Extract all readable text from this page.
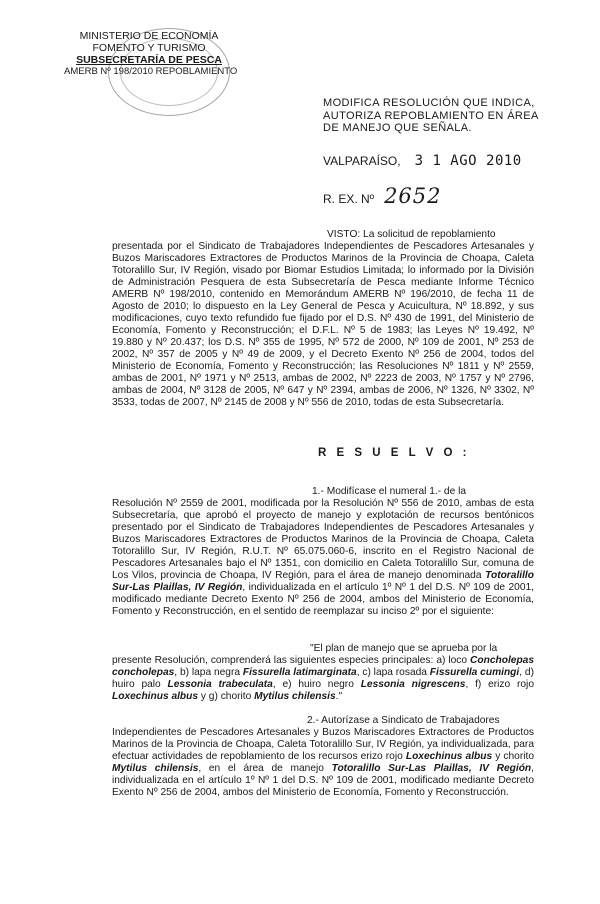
MINISTERIO DE ECONOMÍA
FOMENTO Y TURISMO
SUBSECRETARÍA DE PESCA
AMERB Nº 198/2010 REPOBLAMIENTO
MODIFICA RESOLUCIÓN QUE INDICA, AUTORIZA REPOBLAMIENTO EN ÁREA DE MANEJO QUE SEÑALA.
VALPARAÍSO, 3 1 AGO 2010
R. EX. Nº 2652
VISTO: La solicitud de repoblamiento
presentada por el Sindicato de Trabajadores Independientes de Pescadores Artesanales y Buzos Mariscadores Extractores de Productos Marinos de la Provincia de Choapa, Caleta Totoralillo Sur, IV Región, visado por Biomar Estudios Limitada; lo informado por la División de Administración Pesquera de esta Subsecretaría de Pesca mediante Informe Técnico AMERB Nº 198/2010, contenido en Memorándum AMERB Nº 196/2010, de fecha 11 de Agosto de 2010; lo dispuesto en la Ley General de Pesca y Acuicultura, Nº 18.892, y sus modificaciones, cuyo texto refundido fue fijado por el D.S. Nº 430 de 1991, del Ministerio de Economía, Fomento y Reconstrucción; el D.F.L. Nº 5 de 1983; las Leyes Nº 19.492, Nº 19.880 y Nº 20.437; los D.S. Nº 355 de 1995, Nº 572 de 2000, Nº 109 de 2001, Nº 253 de 2002, Nº 357 de 2005 y Nº 49 de 2009, y el Decreto Exento Nº 256 de 2004, todos del Ministerio de Economía, Fomento y Reconstrucción; las Resoluciones Nº 1811 y Nº 2559, ambas de 2001, Nº 1971 y Nº 2513, ambas de 2002, Nº 2223 de 2003, Nº 1757 y Nº 2796, ambas de 2004, Nº 3128 de 2005, Nº 647 y Nº 2394, ambas de 2006, Nº 1326, Nº 3302, Nº 3533, todas de 2007, Nº 2145 de 2008 y Nº 556 de 2010, todas de esta Subsecretaría.
R E S U E L V O :
1.- Modifícase el numeral 1.- de la
Resolución Nº 2559 de 2001, modificada por la Resolución Nº 556 de 2010, ambas de esta Subsecretaría, que aprobó el proyecto de manejo y explotación de recursos bentónicos presentado por el Sindicato de Trabajadores Independientes de Pescadores Artesanales y Buzos Mariscadores Extractores de Productos Marinos de la Provincia de Choapa, Caleta Totoralillo Sur, IV Región, R.U.T. Nº 65.075.060-6, inscrito en el Registro Nacional de Pescadores Artesanales bajo el Nº 1351, con domicilio en Caleta Totoralillo Sur, comuna de Los Vilos, provincia de Choapa, IV Región, para el área de manejo denominada Totoralillo Sur-Las Plaillas, IV Región, individualizada en el artículo 1º Nº 1 del D.S. Nº 109 de 2001, modificado mediante Decreto Exento Nº 256 de 2004, ambos del Ministerio de Economía, Fomento y Reconstrucción, en el sentido de reemplazar su inciso 2º por el siguiente:
"El plan de manejo que se aprueba por la
presente Resolución, comprenderá las siguientes especies principales: a) loco Concholepas concholepas, b) lapa negra Fissurella latimarginata, c) lapa rosada Fissurella cumingi, d) huiro palo Lessonia trabeculata, e) huiro negro Lessonia nigrescens, f) erizo rojo Loxechinus albus y g) chorito Mytilus chilensis."
2.- Autorízase a Sindicato de Trabajadores
Independientes de Pescadores Artesanales y Buzos Mariscadores Extractores de Productos Marinos de la Provincia de Choapa, Caleta Totoralillo Sur, IV Región, ya individualizada, para efectuar actividades de repoblamiento de los recursos erizo rojo Loxechinus albus y chorito Mytilus chilensis, en el área de manejo Totoralillo Sur-Las Plaillas, IV Región, individualizada en el artículo 1º Nº 1 del D.S. Nº 109 de 2001, modificado mediante Decreto Exento Nº 256 de 2004, ambos del Ministerio de Economía, Fomento y Reconstrucción.
